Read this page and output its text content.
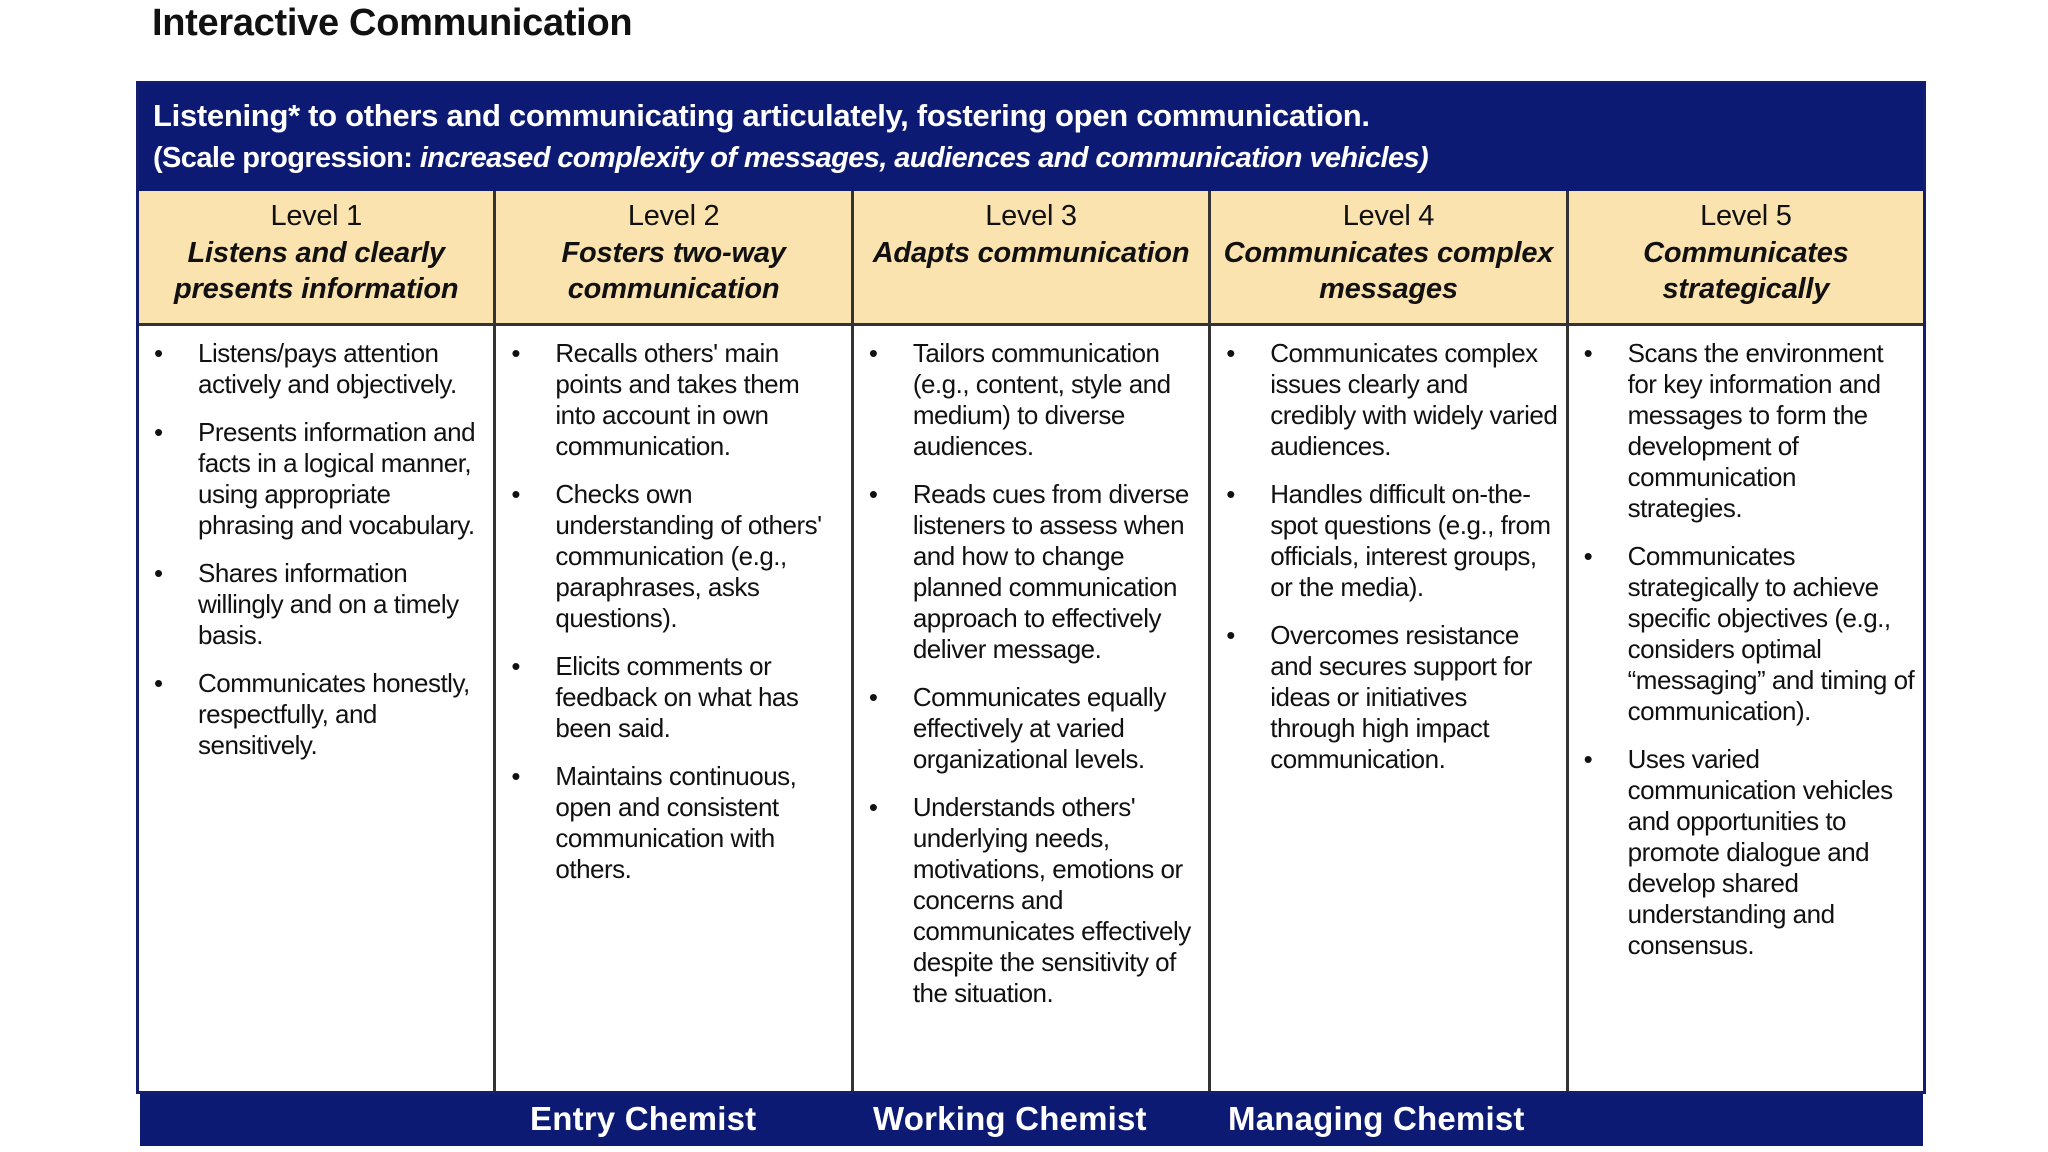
Interactive Communication
Listening* to others and communicating articulately, fostering open communication.
(Scale progression: increased complexity of messages, audiences and communication vehicles)
Level 1
Listens and clearly presents information
Level 2
Fosters two-way communication
Level 3
Adapts communication
Level 4
Communicates complex messages
Level 5
Communicates strategically
• Listens/pays attention actively and objectively.
• Presents information and facts in a logical manner, using appropriate phrasing and vocabulary.
• Shares information willingly and on a timely basis.
• Communicates honestly, respectfully, and sensitively.
• Recalls others' main points and takes them into account in own communication.
• Checks own understanding of others' communication (e.g., paraphrases, asks questions).
• Elicits comments or feedback on what has been said.
• Maintains continuous, open and consistent communication with others.
• Tailors communication (e.g., content, style and medium) to diverse audiences.
• Reads cues from diverse listeners to assess when and how to change planned communication approach to effectively deliver message.
• Communicates equally effectively at varied organizational levels.
• Understands others' underlying needs, motivations, emotions or concerns and communicates effectively despite the sensitivity of the situation.
• Communicates complex issues clearly and credibly with widely varied audiences.
• Handles difficult on-the-spot questions (e.g., from officials, interest groups, or the media).
• Overcomes resistance and secures support for ideas or initiatives through high impact communication.
• Scans the environment for key information and messages to form the development of communication strategies.
• Communicates strategically to achieve specific objectives (e.g., considers optimal “messaging” and timing of communication).
• Uses varied communication vehicles and opportunities to promote dialogue and develop shared understanding and consensus.
Entry Chemist	Working Chemist Managing Chemist
